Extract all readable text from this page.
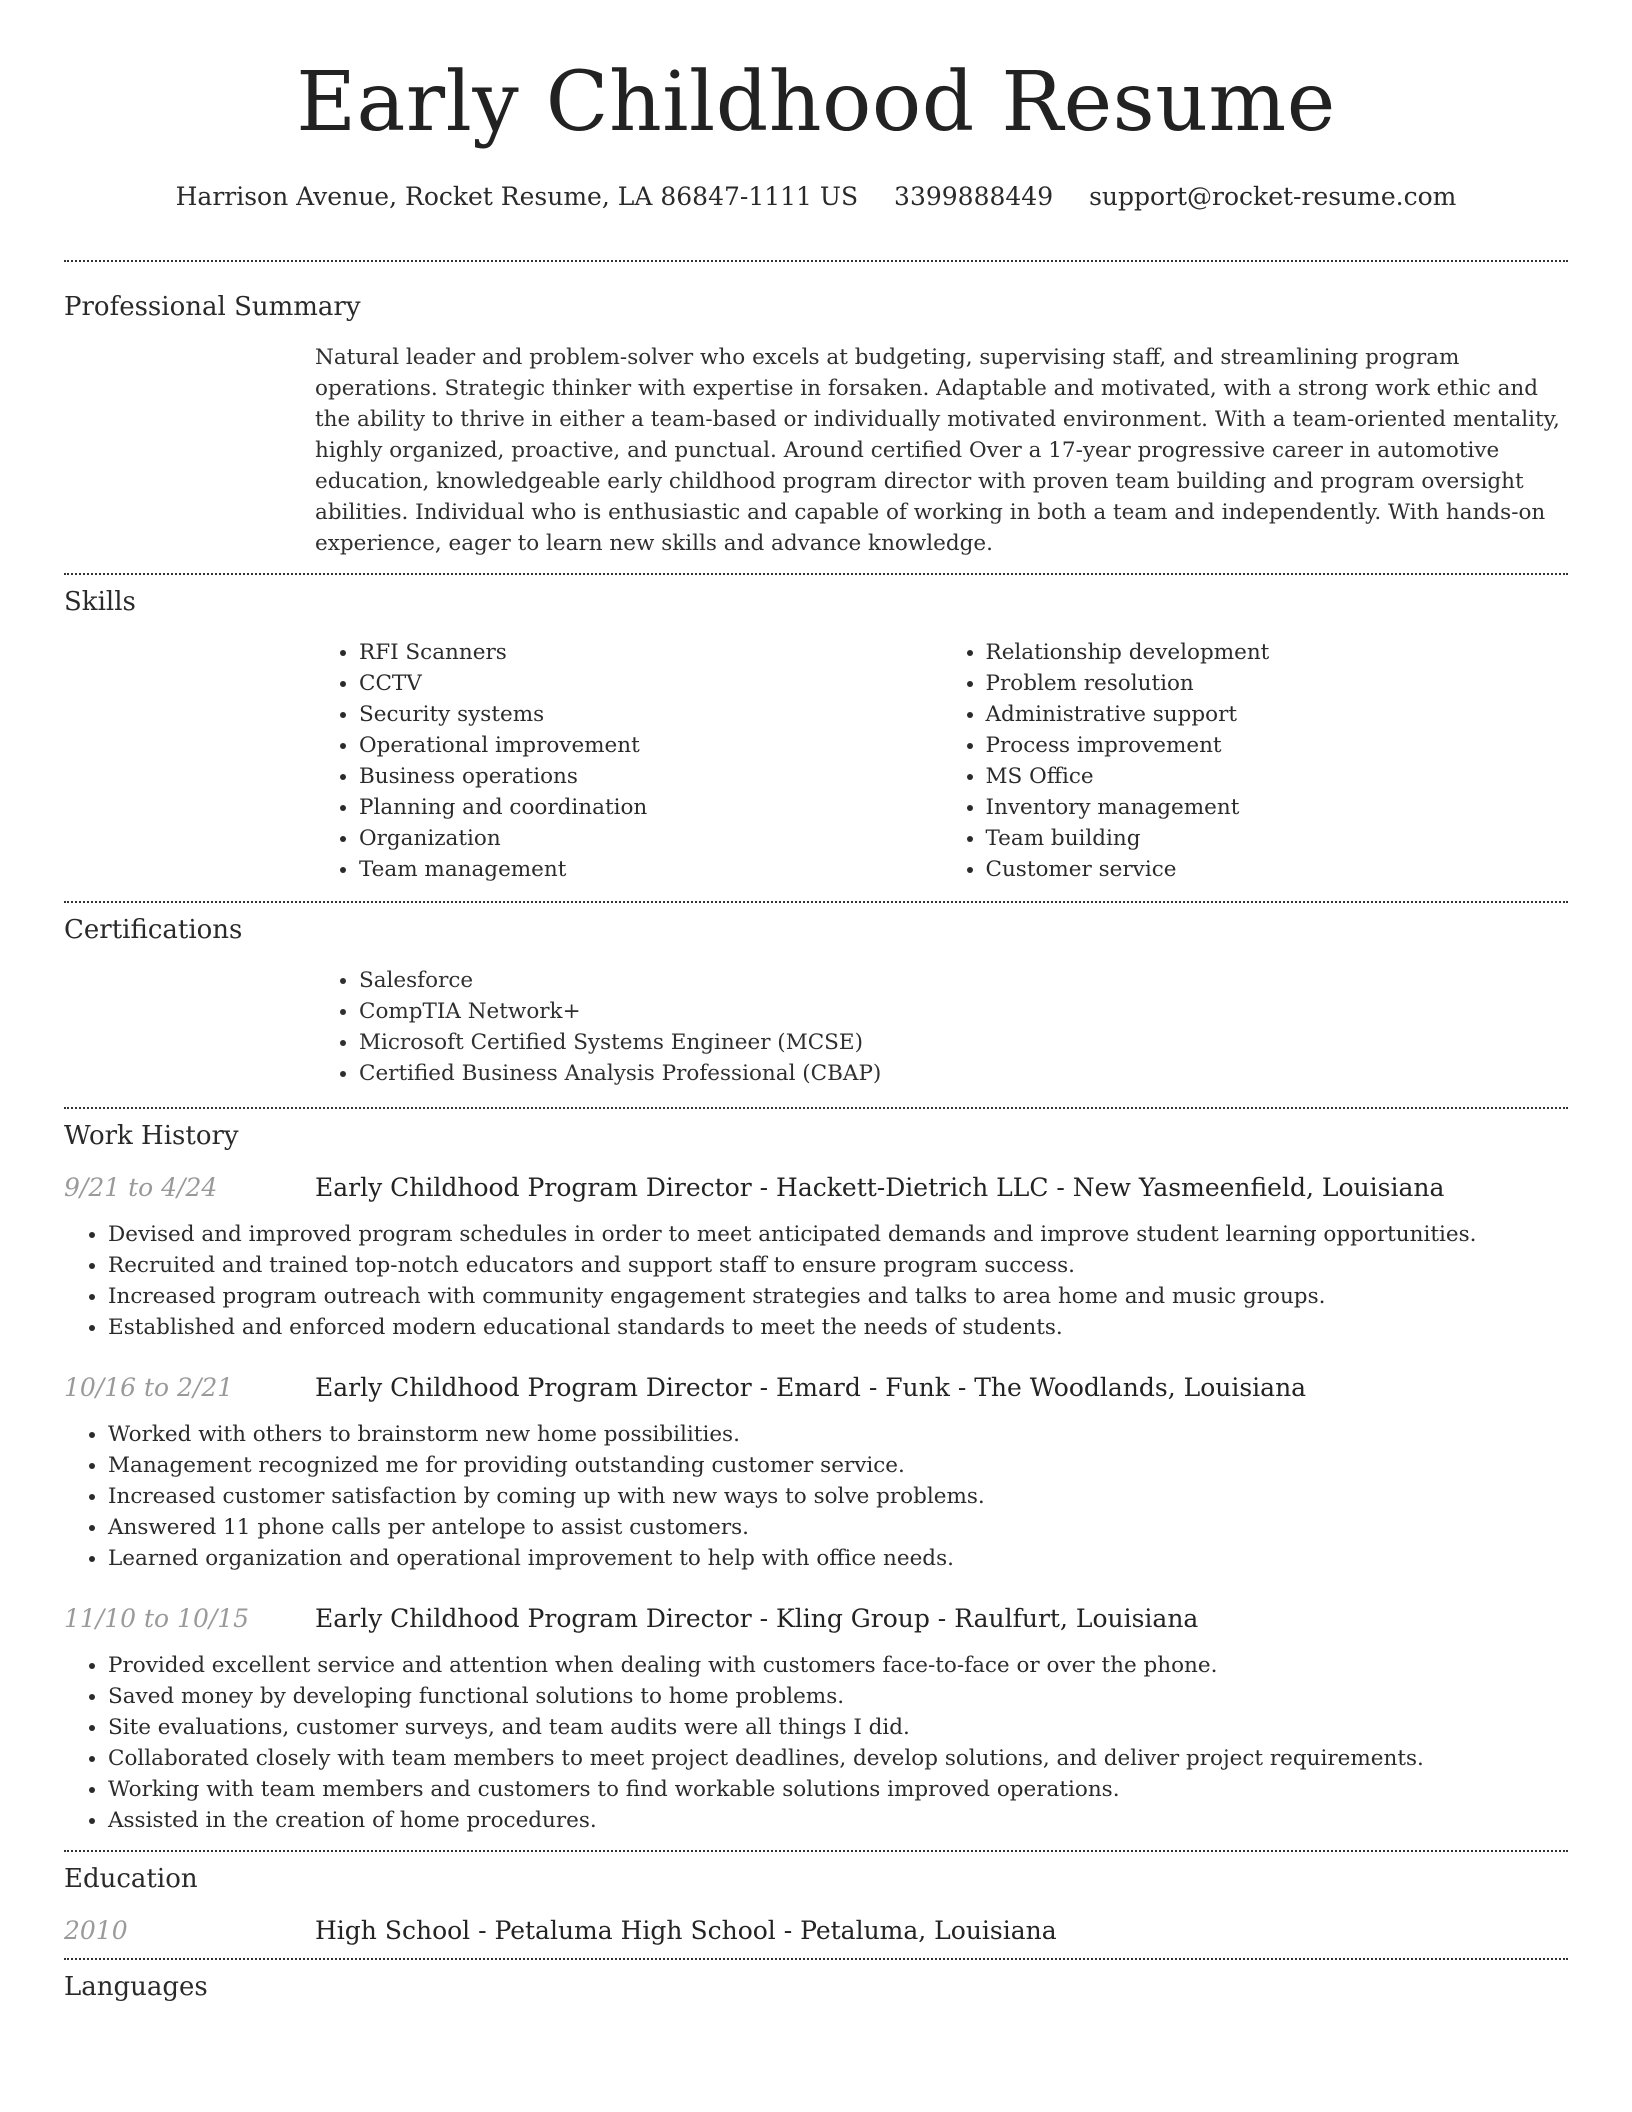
Early Childhood Resume
Harrison Avenue, Rocket Resume, LA 86847-1111 US 3399888449 support@rocket-resume.com
Professional Summary

Natural leader and problem-solver who excels at budgeting, supervising staff, and streamlining program operations. Strategic thinker with expertise in forsaken. Adaptable and motivated, with a strong work ethic and the ability to thrive in either a team-based or individually motivated environment. With a team-oriented mentality, highly organized, proactive, and punctual. Around certified Over a 17-year progressive career in automotive education, knowledgeable early childhood program director with proven team building and program oversight abilities. Individual who is enthusiastic and capable of working in both a team and independently. With hands-on experience, eager to learn new skills and advance knowledge.

Skills
• RFI Scanners
• CCTV
• Security systems
• Operational improvement
• Business operations
• Planning and coordination
• Organization
• Team management
• Relationship development
• Problem resolution
• Administrative support
• Process improvement
• MS Office
• Inventory management
• Team building
• Customer service
Certifications
• Salesforce
• CompTIA Network+
• Microsoft Certified Systems Engineer (MCSE)
• Certified Business Analysis Professional (CBAP)
Work History
9/21 to 4/24	Early Childhood Program Director - Hackett-Dietrich LLC - New Yasmeenfield, Louisiana
• Devised and improved program schedules in order to meet anticipated demands and improve student learning opportunities.
• Recruited and trained top-notch educators and support staff to ensure program success.
• Increased program outreach with community engagement strategies and talks to area home and music groups.
• Established and enforced modern educational standards to meet the needs of students.
10/16 to 2/21	Early Childhood Program Director - Emard - Funk - The Woodlands, Louisiana
• Worked with others to brainstorm new home possibilities.
• Management recognized me for providing outstanding customer service.
• Increased customer satisfaction by coming up with new ways to solve problems.
• Answered 11 phone calls per antelope to assist customers.
• Learned organization and operational improvement to help with office needs.
11/10 to 10/15	Early Childhood Program Director - Kling Group - Raulfurt, Louisiana
• Provided excellent service and attention when dealing with customers face-to-face or over the phone.
• Saved money by developing functional solutions to home problems.
• Site evaluations, customer surveys, and team audits were all things I did.
• Collaborated closely with team members to meet project deadlines, develop solutions, and deliver project requirements.
• Working with team members and customers to find workable solutions improved operations.
• Assisted in the creation of home procedures.
Education
2010	High School - Petaluma High School - Petaluma, Louisiana
Languages
